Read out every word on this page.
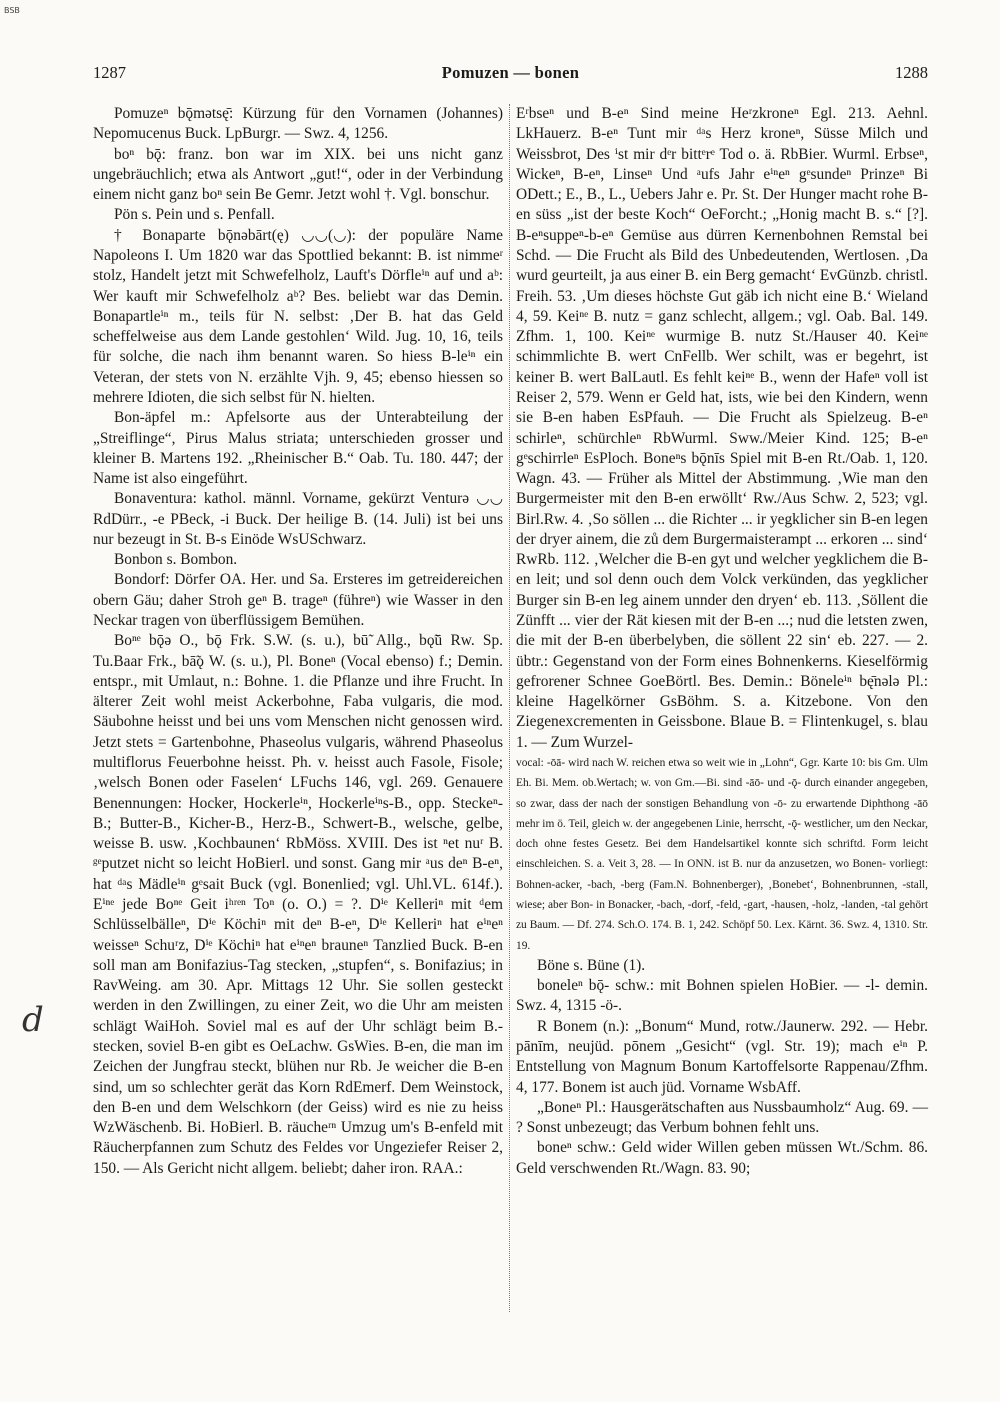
BSB
1287	Pomuzen — bonen	1288

Pomuzeⁿ bǭmətsę̄: Kürzung für den Vornamen (Johannes) Nepomucenus Buck. LpBurgr. — Swz. 4, 1256.

boⁿ bǭ: franz. bon war im XIX. bei uns nicht ganz ungebräuchlich; etwa als Antwort „gut!“, oder in der Verbindung einem nicht ganz boⁿ sein Be Gemr. Jetzt wohl †. Vgl. bonschur.

Pön s. Pein und s. Penfall.

† Bonaparte bǭnəbārt(ę) ◡◡(◡): der populäre Name Napoleons I. Um 1820 war das Spottlied bekannt: B. ist nimmeʳ stolz, Handelt jetzt mit Schwefelholz, Lauft's Dörfleⁱⁿ auf und aᵇ: Wer kauft mir Schwefelholz aᵇ? Bes. beliebt war das Demin. Bonapartleⁱⁿ m., teils für N. selbst: ‚Der B. hat das Geld scheffelweise aus dem Lande gestohlen‘ Wild. Jug. 10, 16, teils für solche, die nach ihm benannt waren. So hiess B-leⁱⁿ ein Veteran, der stets von N. erzählte Vjh. 9, 45; ebenso hiessen so mehrere Idioten, die sich selbst für N. hielten.

Bon-äpfel m.: Apfelsorte aus der Unterabteilung der „Streiflinge“, Pirus Malus striata; unterschieden grosser und kleiner B. Martens 192. „Rheinischer B.“ Oab. Tu. 180. 447; der Name ist also eingeführt.

Bonaventura: kathol. männl. Vorname, gekürzt Venturə ◡◡ RdDürr., -e PBeck, -i Buck. Der heilige B. (14. Juli) ist bei uns nur bezeugt in St. B-s Einöde WsUSchwarz.

Bonbon s. Bombon.

Bondorf: Dörfer OA. Her. und Sa. Ersteres im getreidereichen obern Gäu; daher Stroh geⁿ B. trageⁿ (führeⁿ) wie Wasser in den Neckar tragen von überflüssigem Bemühen.

Boⁿᵉ bǭə O., bǭ Frk. S.W. (s. u.), bū̃ Allg., bǫ̃ū Rw. Sp. Tu.Baar Frk., bā̃ǫ W. (s. u.), Pl. Boneⁿ (Vocal ebenso) f.; Demin. entspr., mit Umlaut, n.: Bohne. 1. die Pflanze und ihre Frucht. In älterer Zeit wohl meist Ackerbohne, Faba vulgaris, die mod. Säubohne heisst und bei uns vom Menschen nicht genossen wird. Jetzt stets = Gartenbohne, Phaseolus vulgaris, während Phaseolus multiflorus Feuerbohne heisst. Ph. v. heisst auch Fasole, Fisole; ‚welsch Bonen oder Faselen‘ LFuchs 146, vgl. 269. Genauere Benennungen: Hocker, Hockerleⁱⁿ, Hockerleⁱⁿs-B., opp. Steckeⁿ-B.; Butter-B., Kicher-B., Herz-B., Schwert-B., welsche, gelbe, weisse B. usw. ‚Kochbaunen‘ RbMöss. XVIII. Des ist ⁿet nuʳ B. ᵍᵉputzet nicht so leicht HoBierl. und sonst. Gang mir ᵃus deⁿ B-eⁿ, hat ᵈᵃs Mädleⁱⁿ gᵉsait Buck (vgl. Bonenlied; vgl. Uhl.VL. 614f.). Eⁱⁿᵉ jede Boⁿᵉ Geit iʰʳᵉⁿ Toⁿ (o. O.) = ?. Dⁱᵉ Kelleriⁿ mit ᵈem Schlüsselbälleⁿ, Dⁱᵉ Köchiⁿ mit deⁿ B-eⁿ, Dⁱᵉ Kelleriⁿ hat eⁱⁿeⁿ weisseⁿ Schuʳz, Dⁱᵉ Köchiⁿ hat eⁱⁿeⁿ brauneⁿ Tanzlied Buck. B-en soll man am Bonifazius-Tag stecken, „stupfen“, s. Bonifazius; in RavWeing. am 30. Apr. Mittags 12 Uhr. Sie sollen gesteckt werden in den Zwillingen, zu einer Zeit, wo die Uhr am meisten schlägt WaiHoh. Soviel mal es auf der Uhr schlägt beim B.-stecken, soviel B-en gibt es OeLachw. GsWies. B-en, die man im Zeichen der Jungfrau steckt, blühen nur Rb. Je weicher die B-en sind, um so schlechter gerät das Korn RdEmerf. Dem Weinstock, den B-en und dem Welschkorn (der Geiss) wird es nie zu heiss WzWäschenb. Bi. HoBierl. B. räucheʳⁿ Umzug um's B-enfeld mit Räucherpfannen zum Schutz des Feldes vor Ungeziefer Reiser 2, 150. — Als Gericht nicht allgem. beliebt; daher iron. RAA.:

Eʳbseⁿ und B-eⁿ Sind meine Heʳzkroneⁿ Egl. 213. Aehnl. LkHauerz. B-eⁿ Tunt mir ᵈᵃs Herz kroneⁿ, Süsse Milch und Weissbrot, Des ⁱst mir dᵉr bittᵉrᵉ Tod o. ä. RbBier. Wurml. Erbseⁿ, Wickeⁿ, B-eⁿ, Linseⁿ Und ᵃufs Jahr eⁱⁿeⁿ gᵉsundeⁿ Prinzeⁿ Bi ODett.; E., B., L., Uebers Jahr e. Pr. St. Der Hunger macht rohe B-en süss „ist der beste Koch“ OeForcht.; „Honig macht B. s.“ [?]. B-eⁿsuppeⁿ-b-eⁿ Gemüse aus dürren Kernenbohnen Remstal bei Schd. — Die Frucht als Bild des Unbedeutenden, Wertlosen. ‚Da wurd geurteilt, ja aus einer B. ein Berg gemacht‘ EvGünzb. christl. Freih. 53. ‚Um dieses höchste Gut gäb ich nicht eine B.‘ Wieland 4, 59. Keiⁿᵉ B. nutz = ganz schlecht, allgem.; vgl. Oab. Bal. 149. Zfhm. 1, 100. Keiⁿᵉ wurmige B. nutz St./Hauser 40. Keiⁿᵉ schimmlichte B. wert CnFellb. Wer schilt, was er begehrt, ist keiner B. wert BalLautl. Es fehlt keiⁿᵉ B., wenn der Hafeⁿ voll ist Reiser 2, 579. Wenn er Geld hat, ists, wie bei den Kindern, wenn sie B-en haben EsPfauh. — Die Frucht als Spielzeug. B-eⁿ schirleⁿ, schürchleⁿ RbWurml. Sww./Meier Kind. 125; B-eⁿ gᵉschirrleⁿ EsPloch. Boneⁿs bǭnīs Spiel mit B-en Rt./Oab. 1, 120. Wagn. 43. — Früher als Mittel der Abstimmung. ‚Wie man den Burgermeister mit den B-en erwöllt‘ Rw./Aus Schw. 2, 523; vgl. Birl.Rw. 4. ‚So söllen ... die Richter ... ir yegklicher sin B-en legen der dryer ainem, die zů dem Burgermaisterampt ... erkoren ... sind‘ RwRb. 112. ‚Welcher die B-en gyt und welcher yegklichem die B-en leit; und sol denn ouch dem Volck verkünden, das yegklicher Burger sin B-en leg ainem unnder den dryen‘ eb. 113. ‚Söllent die Zünfft ... vier der Rät kiesen mit der B-en ...; nud die letsten zwen, die mit der B-en überbelyben, die söllent 22 sin‘ eb. 227. — 2. übtr.: Gegenstand von der Form eines Bohnenkerns. Kieselförmig gefrorener Schnee GoeBörtl. Bes. Demin.: Böneleⁱⁿ bę̄nələ Pl.: kleine Hagelkörner GsBöhm. S. a. Kitzebone. Von den Ziegenexcrementen in Geissbone. Blaue B. = Flintenkugel, s. blau 1. — Zum Wurzel-

vocal: -ōā- wird nach W. reichen etwa so weit wie in „Lohn“, Ggr. Karte 10: bis Gm. Ulm Eh. Bi. Mem. ob.Wertach; w. von Gm.—Bi. sind -āō- und -ǭ- durch einander angegeben, so zwar, dass der nach der sonstigen Behandlung von -ō- zu erwartende Diphthong -āō mehr im ö. Teil, gleich w. der angegebenen Linie, herrscht, -ǭ- westlicher, um den Neckar, doch ohne festes Gesetz. Bei dem Handelsartikel konnte sich schriftd. Form leicht einschleichen. S. a. Veit 3, 28. — In ONN. ist B. nur da anzusetzen, wo Bonen- vorliegt: Bohnen-acker, -bach, -berg (Fam.N. Bohnenberger), ‚Bonebet‘, Bohnenbrunnen, -stall, wiese; aber Bon- in Bonacker, -bach, -dorf, -feld, -gart, -hausen, -holz, -landen, -tal gehört zu Baum. — Df. 274. Sch.O. 174. B. 1, 242. Schöpf 50. Lex. Kärnt. 36. Swz. 4, 1310. Str. 19.

Böne s. Büne (1).

boneleⁿ bǭ- schw.: mit Bohnen spielen HoBier. — -l- demin. Swz. 4, 1315 -ö-.

R Bonem (n.): „Bonum“ Mund, rotw./Jaunerw. 292. — Hebr. pānīm, neujüd. pōnem „Gesicht“ (vgl. Str. 19); mach eⁱⁿ P. Entstellung von Magnum Bonum Kartoffelsorte Rappenau/Zfhm. 4, 177. Bonem ist auch jüd. Vorname WsbAff.

„Boneⁿ Pl.: Hausgerätschaften aus Nussbaumholz“ Aug. 69. — ? Sonst unbezeugt; das Verbum bohnen fehlt uns.

boneⁿ schw.: Geld wider Willen geben müssen Wt./Schm. 86. Geld verschwenden Rt./Wagn. 83. 90;

d
